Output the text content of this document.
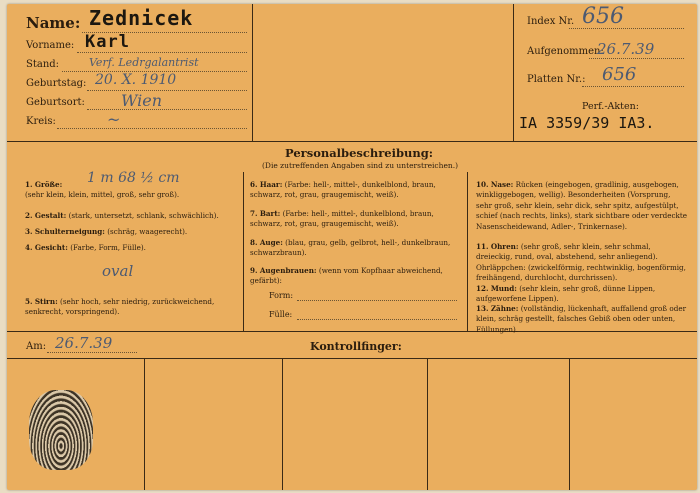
Name: Zednicek
Vorname: Karl
Stand:	Verf. Ledrgalantrist
Geburtstag: 20. X. 1910
Geburtsort: Wien
Kreis:	~
Index Nr. 656
Aufgenommen:
26.7.39
Platten Nr.: 656
Perf.-Akten:
IA 3359/39 IA3.
Personalbeschreibung:
(Die zutreffenden Angaben sind zu unterstreichen.)
1. Größe: 1 m 68 ½ cm

(sehr klein, klein, mittel, groß, sehr groß).
2. Gestalt: (stark, untersetzt, schlank, schwächlich).
3. Schulterneigung: (schräg, waagerecht).
4. Gesicht: (Farbe, Form, Fülle).
oval
5. Stirn: (sehr hoch, sehr niedrig, zurückweichend, senkrecht, vorspringend).
6. Haar: (Farbe: hell-, mittel-, dunkelblond, braun, schwarz, rot, grau, graugemischt, weiß).
7. Bart: (Farbe: hell-, mittel-, dunkelblond, braun, schwarz, rot, grau, graugemischt, weiß).
8. Auge: (blau, grau, gelb, gelbrot, hell-, dunkelbraun, schwarzbraun).
9. Augenbrauen: (wenn vom Kopfhaar abweichend, gefärbt):
Form:
Fülle:
10. Nase: Rücken (eingebogen, gradlinig, ausgebogen, winkliggebogen, wellig). Besonderheiten (Vorsprung, sehr groß, sehr klein, sehr dick, sehr spitz, aufgestülpt, schief (nach rechts, links), stark sichtbare oder verdeckte Nasenscheidewand, Adler-, Trinkernase).
11. Ohren: (sehr groß, sehr klein, sehr schmal, dreieckig, rund, oval, abstehend, sehr anliegend). Ohrläppchen: (zwickelförmig, rechtwinklig, bogenförmig, freihängend, durchlocht, durchrissen).
12. Mund: (sehr klein, sehr groß, dünne Lippen, aufgeworfene Lippen).
13. Zähne: (vollständig, lückenhaft, auffallend groß oder klein, schräg gestellt, falsches Gebiß oben oder unten, Füllungen).
Am: 26.7.39	Kontrollfinger:
